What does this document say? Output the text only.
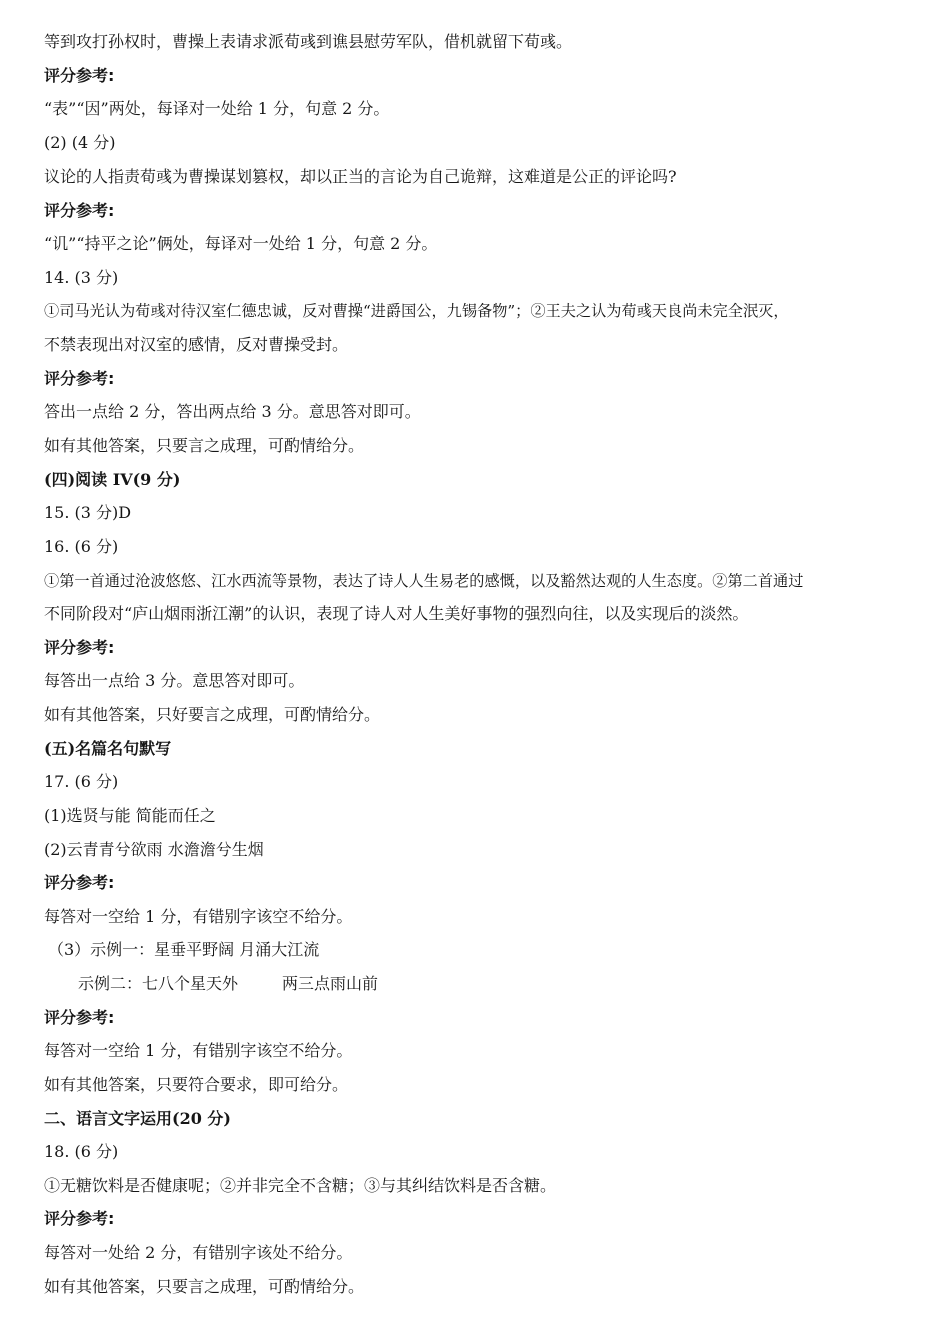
等到攻打孙权时，曹操上表请求派荀彧到谯县慰劳军队，借机就留下荀彧。
评分参考:
“表”“因”两处，每译对一处给 1 分，句意 2 分。
(2) (4 分)
议论的人指责荀彧为曹操谋划篡权，却以正当的言论为自己诡辩，这难道是公正的评论吗?
评分参考:
“讥”“持平之论”俩处，每译对一处给 1 分，句意 2 分。
14. (3 分)
①司马光认为荀彧对待汉室仁德忠诚，反对曹操“进爵国公，九锡备物”；②王夫之认为荀彧天良尚未完全泯灭，
不禁表现出对汉室的感情，反对曹操受封。
评分参考:
答出一点给 2 分，答出两点给 3 分。意思答对即可。
如有其他答案，只要言之成理，可酌情给分。
(四)阅读 IV(9 分)
15. (3 分)D
16. (6 分)
①第一首通过沧波悠悠、江水西流等景物，表达了诗人人生易老的感慨，以及豁然达观的人生态度。②第二首通过
不同阶段对“庐山烟雨浙江潮”的认识，表现了诗人对人生美好事物的强烈向往，以及实现后的淡然。
评分参考:
每答出一点给 3 分。意思答对即可。
如有其他答案，只好要言之成理，可酌情给分。
(五)名篇名句默写
17. (6 分)
(1)选贤与能 简能而任之
(2)云青青兮欲雨 水澹澹兮生烟
评分参考:
每答对一空给 1 分，有错别字该空不给分。
（3）示例一：星垂平野阔 月涌大江流
示例二：七八个星天外	两三点雨山前
评分参考:
每答对一空给 1 分，有错别字该空不给分。
如有其他答案，只要符合要求，即可给分。
二、语言文字运用(20 分)
18. (6 分)
①无糖饮料是否健康呢；②并非完全不含糖；③与其纠结饮料是否含糖。
评分参考:
每答对一处给 2 分，有错别字该处不给分。
如有其他答案，只要言之成理，可酌情给分。
